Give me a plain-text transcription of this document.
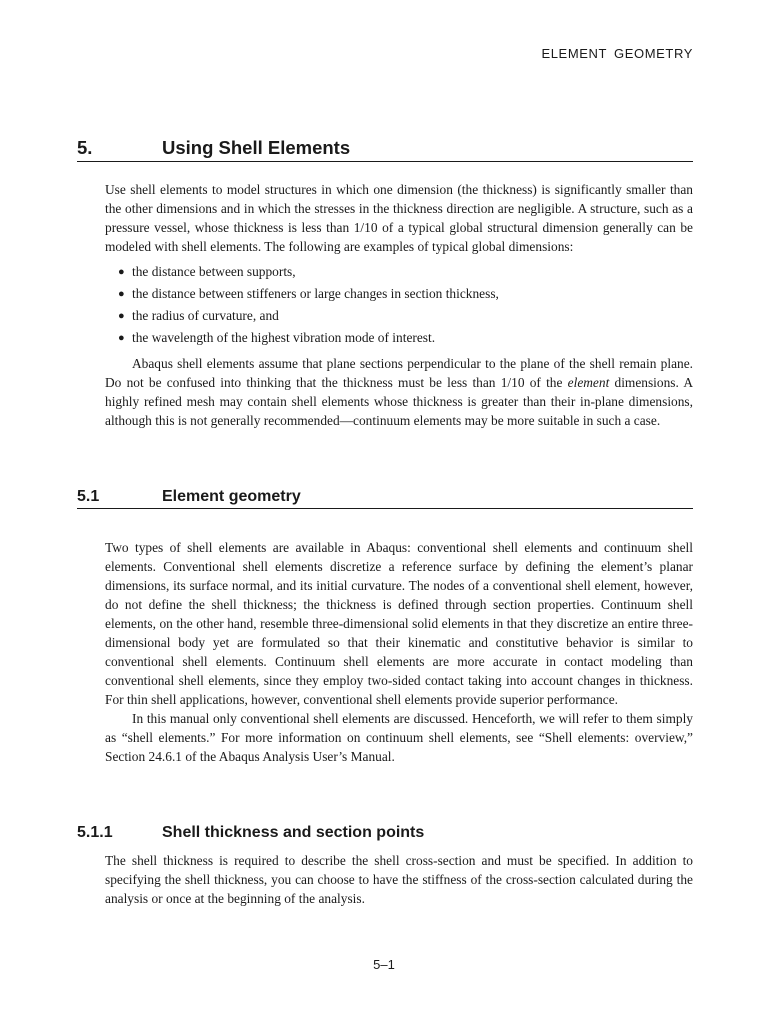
ELEMENT GEOMETRY
5.	Using Shell Elements

Use shell elements to model structures in which one dimension (the thickness) is significantly smaller than the other dimensions and in which the stresses in the thickness direction are negligible. A structure, such as a pressure vessel, whose thickness is less than 1/10 of a typical global structural dimension generally can be modeled with shell elements. The following are examples of typical global dimensions:

● the distance between supports,
● the distance between stiffeners or large changes in section thickness,
● the radius of curvature, and
● the wavelength of the highest vibration mode of interest.

Abaqus shell elements assume that plane sections perpendicular to the plane of the shell remain plane. Do not be confused into thinking that the thickness must be less than 1/10 of the element dimensions. A highly refined mesh may contain shell elements whose thickness is greater than their in-plane dimensions, although this is not generally recommended—continuum elements may be more suitable in such a case.

5.1	Element geometry

Two types of shell elements are available in Abaqus: conventional shell elements and continuum shell elements. Conventional shell elements discretize a reference surface by defining the element’s planar dimensions, its surface normal, and its initial curvature. The nodes of a conventional shell element, however, do not define the shell thickness; the thickness is defined through section properties. Continuum shell elements, on the other hand, resemble three-dimensional solid elements in that they discretize an entire three-dimensional body yet are formulated so that their kinematic and constitutive behavior is similar to conventional shell elements. Continuum shell elements are more accurate in contact modeling than conventional shell elements, since they employ two-sided contact taking into account changes in thickness. For thin shell applications, however, conventional shell elements provide superior performance.

In this manual only conventional shell elements are discussed. Henceforth, we will refer to them simply as “shell elements.” For more information on continuum shell elements, see “Shell elements: overview,” Section 24.6.1 of the Abaqus Analysis User’s Manual.

5.1.1	Shell thickness and section points

The shell thickness is required to describe the shell cross-section and must be specified. In addition to specifying the shell thickness, you can choose to have the stiffness of the cross-section calculated during the analysis or once at the beginning of the analysis.

5–1
